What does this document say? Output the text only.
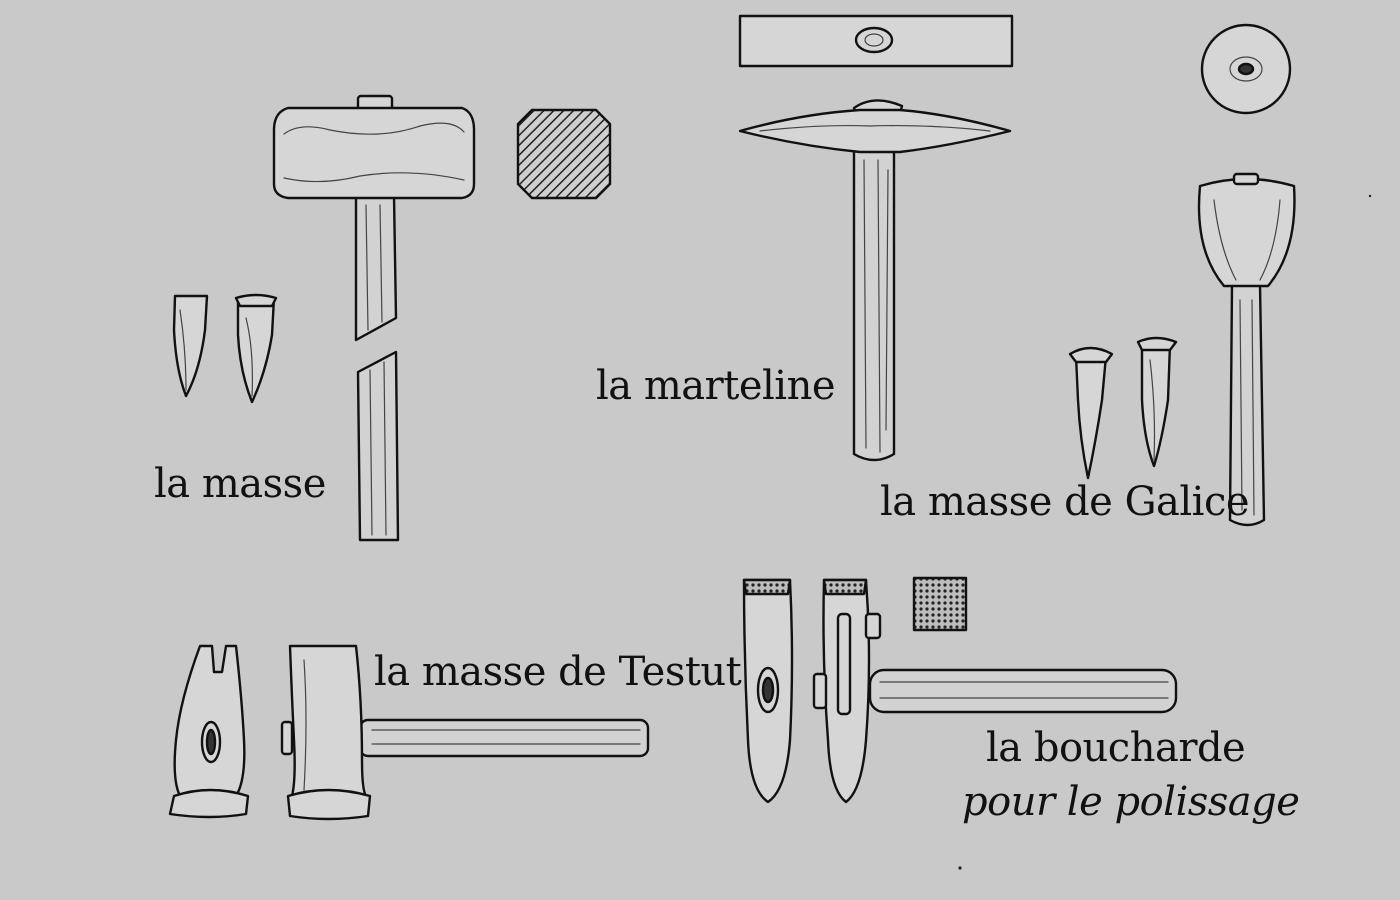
la masse
la marteline
la masse de Galice
la masse de Testut
la boucharde
pour le polissage
